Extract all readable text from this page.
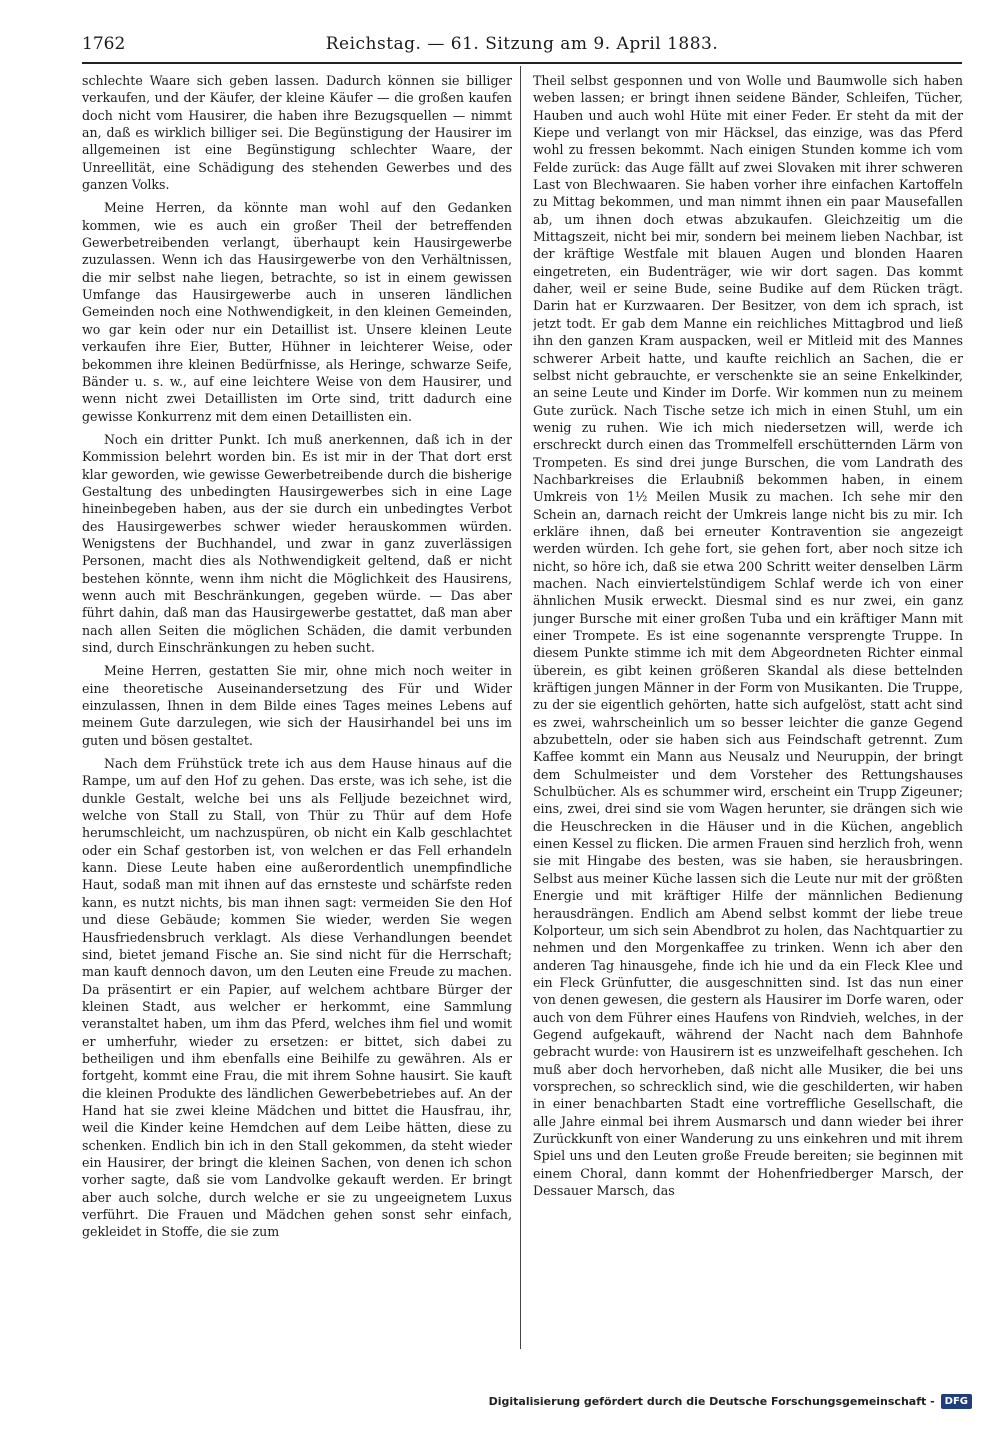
1762	Reichstag. — 61. Sitzung am 9. April 1883.

schlechte Waare sich geben lassen. Dadurch können sie billiger verkaufen, und der Käufer, der kleine Käufer — die großen kaufen doch nicht vom Hausirer, die haben ihre Bezugsquellen — nimmt an, daß es wirklich billiger sei. Die Begünstigung der Hausirer im allgemeinen ist eine Begünstigung schlechter Waare, der Unreellität, eine Schädigung des stehenden Gewerbes und des ganzen Volks.

Meine Herren, da könnte man wohl auf den Gedanken kommen, wie es auch ein großer Theil der betreffenden Gewerbetreibenden verlangt, überhaupt kein Hausirgewerbe zuzulassen. Wenn ich das Hausirgewerbe von den Verhältnissen, die mir selbst nahe liegen, betrachte, so ist in einem gewissen Umfange das Hausirgewerbe auch in unseren ländlichen Gemeinden noch eine Nothwendigkeit, in den kleinen Gemeinden, wo gar kein oder nur ein Detaillist ist. Unsere kleinen Leute verkaufen ihre Eier, Butter, Hühner in leichterer Weise, oder bekommen ihre kleinen Bedürfnisse, als Heringe, schwarze Seife, Bänder u. s. w., auf eine leichtere Weise von dem Hausirer, und wenn nicht zwei Detaillisten im Orte sind, tritt dadurch eine gewisse Konkurrenz mit dem einen Detaillisten ein.

Noch ein dritter Punkt. Ich muß anerkennen, daß ich in der Kommission belehrt worden bin. Es ist mir in der That dort erst klar geworden, wie gewisse Gewerbetreibende durch die bisherige Gestaltung des unbedingten Hausirgewerbes sich in eine Lage hineinbegeben haben, aus der sie durch ein unbedingtes Verbot des Hausirgewerbes schwer wieder herauskommen würden. Wenigstens der Buchhandel, und zwar in ganz zuverlässigen Personen, macht dies als Nothwendigkeit geltend, daß er nicht bestehen könnte, wenn ihm nicht die Möglichkeit des Hausirens, wenn auch mit Beschränkungen, gegeben würde. — Das aber führt dahin, daß man das Hausirgewerbe gestattet, daß man aber nach allen Seiten die möglichen Schäden, die damit verbunden sind, durch Einschränkungen zu heben sucht.

Meine Herren, gestatten Sie mir, ohne mich noch weiter in eine theoretische Auseinandersetzung des Für und Wider einzulassen, Ihnen in dem Bilde eines Tages meines Lebens auf meinem Gute darzulegen, wie sich der Hausirhandel bei uns im guten und bösen gestaltet.

Nach dem Frühstück trete ich aus dem Hause hinaus auf die Rampe, um auf den Hof zu gehen. Das erste, was ich sehe, ist die dunkle Gestalt, welche bei uns als Felljude bezeichnet wird, welche von Stall zu Stall, von Thür zu Thür auf dem Hofe herumschleicht, um nachzuspüren, ob nicht ein Kalb geschlachtet oder ein Schaf gestorben ist, von welchen er das Fell erhandeln kann. Diese Leute haben eine außerordentlich unempfindliche Haut, sodaß man mit ihnen auf das ernsteste und schärfste reden kann, es nutzt nichts, bis man ihnen sagt: vermeiden Sie den Hof und diese Gebäude; kommen Sie wieder, werden Sie wegen Hausfriedensbruch verklagt. Als diese Verhandlungen beendet sind, bietet jemand Fische an. Sie sind nicht für die Herrschaft; man kauft dennoch davon, um den Leuten eine Freude zu machen. Da präsentirt er ein Papier, auf welchem achtbare Bürger der kleinen Stadt, aus welcher er herkommt, eine Sammlung veranstaltet haben, um ihm das Pferd, welches ihm fiel und womit er umherfuhr, wieder zu ersetzen: er bittet, sich dabei zu betheiligen und ihm ebenfalls eine Beihilfe zu gewähren. Als er fortgeht, kommt eine Frau, die mit ihrem Sohne hausirt. Sie kauft die kleinen Produkte des ländlichen Gewerbebetriebes auf. An der Hand hat sie zwei kleine Mädchen und bittet die Hausfrau, ihr, weil die Kinder keine Hemdchen auf dem Leibe hätten, diese zu schenken. Endlich bin ich in den Stall gekommen, da steht wieder ein Hausirer, der bringt die kleinen Sachen, von denen ich schon vorher sagte, daß sie vom Landvolke gekauft werden. Er bringt aber auch solche, durch welche er sie zu ungeeignetem Luxus verführt. Die Frauen und Mädchen gehen sonst sehr einfach, gekleidet in Stoffe, die sie zum

Theil selbst gesponnen und von Wolle und Baumwolle sich haben weben lassen; er bringt ihnen seidene Bänder, Schleifen, Tücher, Hauben und auch wohl Hüte mit einer Feder. Er steht da mit der Kiepe und verlangt von mir Häcksel, das einzige, was das Pferd wohl zu fressen bekommt. Nach einigen Stunden komme ich vom Felde zurück: das Auge fällt auf zwei Slovaken mit ihrer schweren Last von Blechwaaren. Sie haben vorher ihre einfachen Kartoffeln zu Mittag bekommen, und man nimmt ihnen ein paar Mausefallen ab, um ihnen doch etwas abzukaufen. Gleichzeitig um die Mittagszeit, nicht bei mir, sondern bei meinem lieben Nachbar, ist der kräftige Westfale mit blauen Augen und blonden Haaren eingetreten, ein Budenträger, wie wir dort sagen. Das kommt daher, weil er seine Bude, seine Budike auf dem Rücken trägt. Darin hat er Kurzwaaren. Der Besitzer, von dem ich sprach, ist jetzt todt. Er gab dem Manne ein reichliches Mittagbrod und ließ ihn den ganzen Kram auspacken, weil er Mitleid mit des Mannes schwerer Arbeit hatte, und kaufte reichlich an Sachen, die er selbst nicht gebrauchte, er verschenkte sie an seine Enkelkinder, an seine Leute und Kinder im Dorfe. Wir kommen nun zu meinem Gute zurück. Nach Tische setze ich mich in einen Stuhl, um ein wenig zu ruhen. Wie ich mich niedersetzen will, werde ich erschreckt durch einen das Trommelfell erschütternden Lärm von Trompeten. Es sind drei junge Burschen, die vom Landrath des Nachbarkreises die Erlaubniß bekommen haben, in einem Umkreis von 1½ Meilen Musik zu machen. Ich sehe mir den Schein an, darnach reicht der Umkreis lange nicht bis zu mir. Ich erkläre ihnen, daß bei erneuter Kontravention sie angezeigt werden würden. Ich gehe fort, sie gehen fort, aber noch sitze ich nicht, so höre ich, daß sie etwa 200 Schritt weiter denselben Lärm machen. Nach einviertelstündigem Schlaf werde ich von einer ähnlichen Musik erweckt. Diesmal sind es nur zwei, ein ganz junger Bursche mit einer großen Tuba und ein kräftiger Mann mit einer Trompete. Es ist eine sogenannte versprengte Truppe. In diesem Punkte stimme ich mit dem Abgeordneten Richter einmal überein, es gibt keinen größeren Skandal als diese bettelnden kräftigen jungen Männer in der Form von Musikanten. Die Truppe, zu der sie eigentlich gehörten, hatte sich aufgelöst, statt acht sind es zwei, wahrscheinlich um so besser leichter die ganze Gegend abzubetteln, oder sie haben sich aus Feindschaft getrennt. Zum Kaffee kommt ein Mann aus Neusalz und Neuruppin, der bringt dem Schulmeister und dem Vorsteher des Rettungshauses Schulbücher. Als es schummer wird, erscheint ein Trupp Zigeuner; eins, zwei, drei sind sie vom Wagen herunter, sie drängen sich wie die Heuschrecken in die Häuser und in die Küchen, angeblich einen Kessel zu flicken. Die armen Frauen sind herzlich froh, wenn sie mit Hingabe des besten, was sie haben, sie herausbringen. Selbst aus meiner Küche lassen sich die Leute nur mit der größten Energie und mit kräftiger Hilfe der männlichen Bedienung herausdrängen. Endlich am Abend selbst kommt der liebe treue Kolporteur, um sich sein Abendbrot zu holen, das Nachtquartier zu nehmen und den Morgenkaffee zu trinken. Wenn ich aber den anderen Tag hinausgehe, finde ich hie und da ein Fleck Klee und ein Fleck Grünfutter, die ausgeschnitten sind. Ist das nun einer von denen gewesen, die gestern als Hausirer im Dorfe waren, oder auch von dem Führer eines Haufens von Rindvieh, welches, in der Gegend aufgekauft, während der Nacht nach dem Bahnhofe gebracht wurde: von Hausirern ist es unzweifelhaft geschehen. Ich muß aber doch hervorheben, daß nicht alle Musiker, die bei uns vorsprechen, so schrecklich sind, wie die geschilderten, wir haben in einer benachbarten Stadt eine vortreffliche Gesellschaft, die alle Jahre einmal bei ihrem Ausmarsch und dann wieder bei ihrer Zurückkunft von einer Wanderung zu uns einkehren und mit ihrem Spiel uns und den Leuten große Freude bereiten; sie beginnen mit einem Choral, dann kommt der Hohenfriedberger Marsch, der Dessauer Marsch, das

Digitalisierung gefördert durch die Deutsche Forschungsgemeinschaft -	DFG
